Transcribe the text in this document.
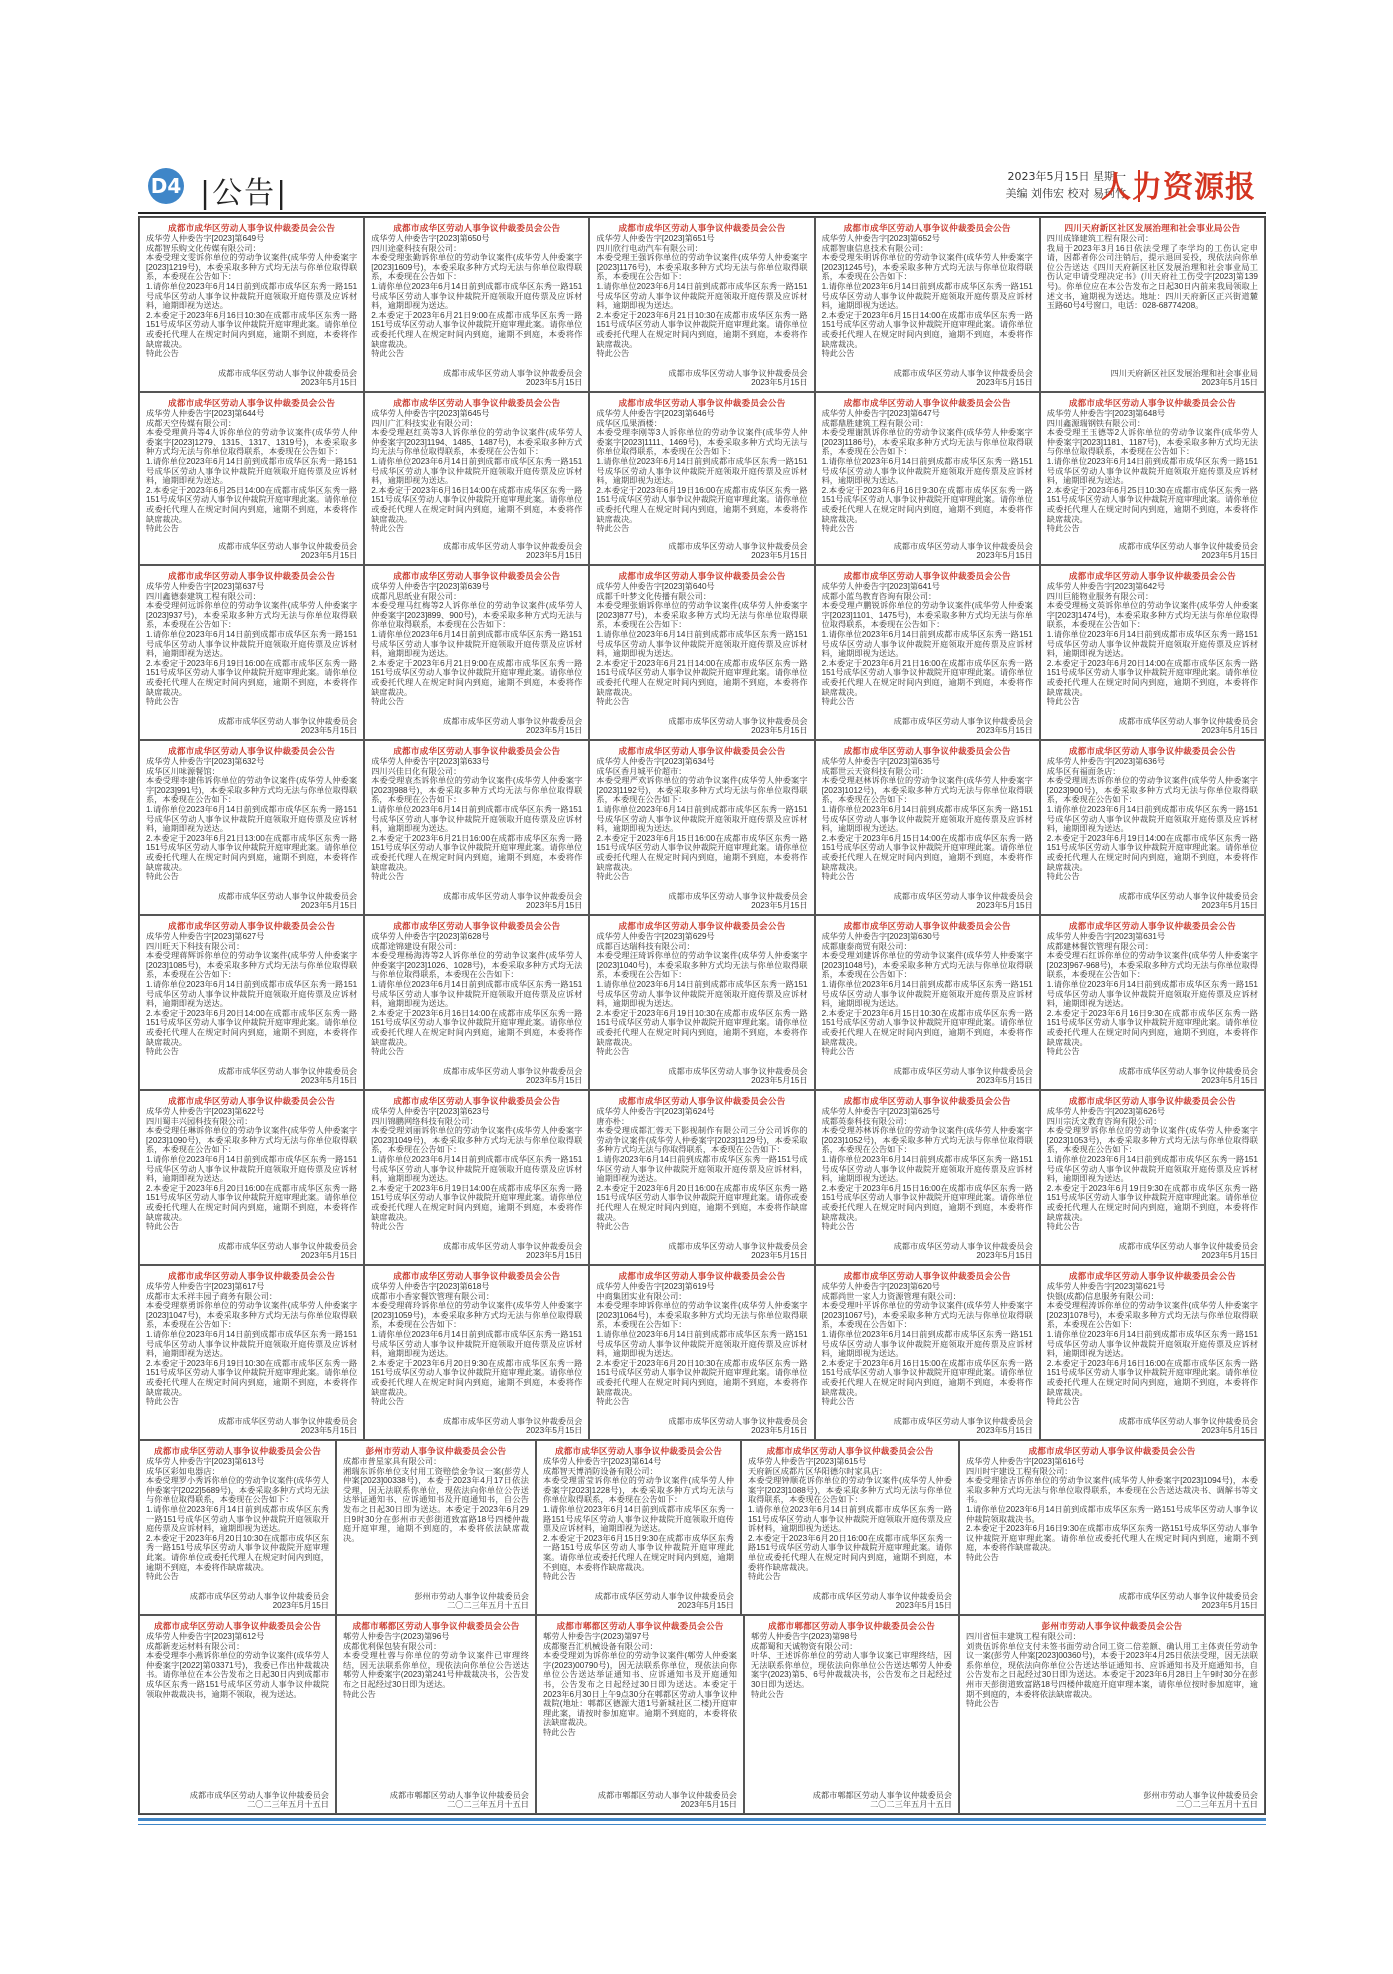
D4 |公告|	2023年5月15日 星期一
美编 刘伟宏 校对 易珂竹
人力资源报
成都市成华区劳动人事争议仲裁委员会公告
成华劳人仲委告字[2023]第649号
成都智乐购文化传媒有限公司：
本委受理文雯诉你单位的劳动争议案件(成华劳人仲委案字[2023]1219号)，本委采取多种方式均无法与你单位取得联系，本委现在公告如下：
1.请你单位2023年6月14日前到成都市成华区东秀一路151号成华区劳动人事争议仲裁院开庭领取开庭传票及应诉材料，逾期即视为送达。
2.本委定于2023年6月16日10:30在成都市成华区东秀一路151号成华区劳动人事争议仲裁院开庭审理此案。请你单位或委托代理人在规定时间内到庭，逾期不到庭，本委将作缺席裁决。
特此公告
成都市成华区劳动人事争议仲裁委员会
2023年5月15日
成都市成华区劳动人事争议仲裁委员会公告
成华劳人仲委告字[2023]第650号
四川途豪科技有限公司：
本委受理张勤诉你单位的劳动争议案件(成华劳人仲委案字[2023]1609号)，本委采取多种方式均无法与你单位取得联系，本委现在公告如下：
1.请你单位2023年6月14日前到成都市成华区东秀一路151号成华区劳动人事争议仲裁院开庭领取开庭传票及应诉材料，逾期即视为送达。
2.本委定于2023年6月21日9:00在成都市成华区东秀一路151号成华区劳动人事争议仲裁院开庭审理此案。请你单位或委托代理人在规定时间内到庭，逾期不到庭，本委将作缺席裁决。
特此公告
成都市成华区劳动人事争议仲裁委员会
2023年5月15日
成都市成华区劳动人事争议仲裁委员会公告
成华劳人仲委告字[2023]第651号
四川欣行电动汽车有限公司：
本委受理王强诉你单位的劳动争议案件(成华劳人仲委案字[2023]1176号)，本委采取多种方式均无法与你单位取得联系，本委现在公告如下：
1.请你单位2023年6月14日前到成都市成华区东秀一路151号成华区劳动人事争议仲裁院开庭领取开庭传票及应诉材料，逾期即视为送达。
2.本委定于2023年6月21日10:30在成都市成华区东秀一路151号成华区劳动人事争议仲裁院开庭审理此案。请你单位或委托代理人在规定时间内到庭，逾期不到庭，本委将作缺席裁决。
特此公告
成都市成华区劳动人事争议仲裁委员会
2023年5月15日
成都市成华区劳动人事争议仲裁委员会公告
成华劳人仲委告字[2023]第652号
成都智康信息技术有限公司：
本委受理朱明诉你单位的劳动争议案件(成华劳人仲委案字[2023]1245号)，本委采取多种方式均无法与你单位取得联系，本委现在公告如下：
1.请你单位2023年6月14日前到成都市成华区东秀一路151号成华区劳动人事争议仲裁院开庭领取开庭传票及应诉材料，逾期即视为送达。
2.本委定于2023年6月15日14:00在成都市成华区东秀一路151号成华区劳动人事争议仲裁院开庭审理此案。请你单位或委托代理人在规定时间内到庭，逾期不到庭，本委将作缺席裁决。
特此公告
成都市成华区劳动人事争议仲裁委员会
2023年5月15日
四川天府新区社区发展治理和社会事业局公告
四川成锋建筑工程有限公司：
我局于2023年3月16日依法受理了李学均的工伤认定申请，因都者你公司注销后，提示退回妥投，现依法向你单位公告送达《四川天府新区社区发展治理和社会事业局工伤认定申请受理决定书》(川天府社工伤受字[2023]第139号)。你单位应在本公告发布之日起30日内前来我局领取上述文书，逾期视为送达。地址：四川天府新区正兴街道麓玉路60号4号窗口，电话：028-68774208。
四川天府新区社区发展治理和社会事业局
2023年5月15日
成都市成华区劳动人事争议仲裁委员会公告
成华劳人仲委告字[2023]第644号
成都天空传媒有限公司：
本委受理黄丹等4人诉你单位的劳动争议案件(成华劳人仲委案字[2023]1279、1315、1317、1319号)，本委采取多种方式均无法与你单位取得联系，本委现在公告如下：
1.请你单位2023年6月14日前到成都市成华区东秀一路151号成华区劳动人事争议仲裁院开庭领取开庭传票及应诉材料，逾期即视为送达。
2.本委定于2023年6月25日14:00在成都市成华区东秀一路151号成华区劳动人事争议仲裁院开庭审理此案。请你单位或委托代理人在规定时间内到庭，逾期不到庭，本委将作缺席裁决。
特此公告
成都市成华区劳动人事争议仲裁委员会
2023年5月15日
成都市成华区劳动人事争议仲裁委员会公告
成华劳人仲委告字[2023]第645号
四川广汇科技实业有限公司：
本委受理赵红英等3人诉你单位的劳动争议案件(成华劳人仲委案字[2023]1194、1485、1487号)，本委采取多种方式均无法与你单位取得联系，本委现在公告如下：
1.请你单位2023年6月14日前到成都市成华区东秀一路151号成华区劳动人事争议仲裁院开庭领取开庭传票及应诉材料，逾期即视为送达。
2.本委定于2023年6月16日14:00在成都市成华区东秀一路151号成华区劳动人事争议仲裁院开庭审理此案。请你单位或委托代理人在规定时间内到庭，逾期不到庭，本委将作缺席裁决。
特此公告
成都市成华区劳动人事争议仲裁委员会
2023年5月15日
成都市成华区劳动人事争议仲裁委员会公告
成华劳人仲委告字[2023]第646号
成华区瓜果酒楼：
本委受理李刚等3人诉你单位的劳动争议案件(成华劳人仲委案字[2023]1111、1469号)，本委采取多种方式均无法与你单位取得联系，本委现在公告如下：
1.请你单位2023年6月14日前到成都市成华区东秀一路151号成华区劳动人事争议仲裁院开庭领取开庭传票及应诉材料，逾期即视为送达。
2.本委定于2023年6月19日16:00在成都市成华区东秀一路151号成华区劳动人事争议仲裁院开庭审理此案。请你单位或委托代理人在规定时间内到庭，逾期不到庭，本委将作缺席裁决。
特此公告
成都市成华区劳动人事争议仲裁委员会
2023年5月15日
成都市成华区劳动人事争议仲裁委员会公告
成华劳人仲委告字[2023]第647号
成都鼎胜建筑工程有限公司：
本委受理谢凯诉你单位的劳动争议案件(成华劳人仲委案字[2023]1186号)，本委采取多种方式均无法与你单位取得联系，本委现在公告如下：
1.请你单位2023年6月14日前到成都市成华区东秀一路151号成华区劳动人事争议仲裁院开庭领取开庭传票及应诉材料，逾期即视为送达。
2.本委定于2023年6月16日9:30在成都市成华区东秀一路151号成华区劳动人事争议仲裁院开庭审理此案。请你单位或委托代理人在规定时间内到庭，逾期不到庭，本委将作缺席裁决。
特此公告
成都市成华区劳动人事争议仲裁委员会
2023年5月15日
成都市成华区劳动人事争议仲裁委员会公告
成华劳人仲委告字[2023]第648号
四川鑫源瑞钢铁有限公司：
本委受理王玉德等2人诉你单位的劳动争议案件(成华劳人仲委案字[2023]1181、1187号)，本委采取多种方式均无法与你单位取得联系，本委现在公告如下：
1.请你单位2023年6月14日前到成都市成华区东秀一路151号成华区劳动人事争议仲裁院开庭领取开庭传票及应诉材料，逾期即视为送达。
2.本委定于2023年6月25日10:30在成都市成华区东秀一路151号成华区劳动人事争议仲裁院开庭审理此案。请你单位或委托代理人在规定时间内到庭，逾期不到庭，本委将作缺席裁决。
特此公告
成都市成华区劳动人事争议仲裁委员会
2023年5月15日
成都市成华区劳动人事争议仲裁委员会公告
成华劳人仲委告字[2023]第637号
四川鑫德泰建筑工程有限公司：
本委受理何远诉你单位的劳动争议案件(成华劳人仲委案字[2023]937号)，本委采取多种方式均无法与你单位取得联系，本委现在公告如下：
1.请你单位2023年6月14日前到成都市成华区东秀一路151号成华区劳动人事争议仲裁院开庭领取开庭传票及应诉材料，逾期即视为送达。
2.本委定于2023年6月19日16:00在成都市成华区东秀一路151号成华区劳动人事争议仲裁院开庭审理此案。请你单位或委托代理人在规定时间内到庭，逾期不到庭，本委将作缺席裁决。
特此公告
成都市成华区劳动人事争议仲裁委员会
2023年5月15日
成都市成华区劳动人事争议仲裁委员会公告
成华劳人仲委告字[2023]第639号
成都凡思纸业有限公司：
本委受理马红梅等2人诉你单位的劳动争议案件(成华劳人仲委案字[2023]899、900号)，本委采取多种方式均无法与你单位取得联系，本委现在公告如下：
1.请你单位2023年6月14日前到成都市成华区东秀一路151号成华区劳动人事争议仲裁院开庭领取开庭传票及应诉材料，逾期即视为送达。
2.本委定于2023年6月21日9:00在成都市成华区东秀一路151号成华区劳动人事争议仲裁院开庭审理此案。请你单位或委托代理人在规定时间内到庭，逾期不到庭，本委将作缺席裁决。
特此公告
成都市成华区劳动人事争议仲裁委员会
2023年5月15日
成都市成华区劳动人事争议仲裁委员会公告
成华劳人仲委告字[2023]第640号
成都千叶梦文化传播有限公司：
本委受理张娟诉你单位的劳动争议案件(成华劳人仲委案字[2023]877号)，本委采取多种方式均无法与你单位取得联系，本委现在公告如下：
1.请你单位2023年6月14日前到成都市成华区东秀一路151号成华区劳动人事争议仲裁院开庭领取开庭传票及应诉材料，逾期即视为送达。
2.本委定于2023年6月21日14:00在成都市成华区东秀一路151号成华区劳动人事争议仲裁院开庭审理此案。请你单位或委托代理人在规定时间内到庭，逾期不到庭，本委将作缺席裁决。
特此公告
成都市成华区劳动人事争议仲裁委员会
2023年5月15日
成都市成华区劳动人事争议仲裁委员会公告
成华劳人仲委告字[2023]第641号
成都小蓝鸟教育咨询有限公司：
本委受理卢鹏锐诉你单位的劳动争议案件(成华劳人仲委案字[2023]1101、1475号)，本委采取多种方式均无法与你单位取得联系，本委现在公告如下：
1.请你单位2023年6月14日前到成都市成华区东秀一路151号成华区劳动人事争议仲裁院开庭领取开庭传票及应诉材料，逾期即视为送达。
2.本委定于2023年6月21日16:00在成都市成华区东秀一路151号成华区劳动人事争议仲裁院开庭审理此案。请你单位或委托代理人在规定时间内到庭，逾期不到庭，本委将作缺席裁决。
特此公告
成都市成华区劳动人事争议仲裁委员会
2023年5月15日
成都市成华区劳动人事争议仲裁委员会公告
成华劳人仲委告字[2023]第642号
四川巨能物业服务有限公司：
本委受理杨文英诉你单位的劳动争议案件(成华劳人仲委案字[2023]1474号)，本委采取多种方式均无法与你单位取得联系，本委现在公告如下：
1.请你单位2023年6月14日前到成都市成华区东秀一路151号成华区劳动人事争议仲裁院开庭领取开庭传票及应诉材料，逾期即视为送达。
2.本委定于2023年6月20日14:00在成都市成华区东秀一路151号成华区劳动人事争议仲裁院开庭审理此案。请你单位或委托代理人在规定时间内到庭，逾期不到庭，本委将作缺席裁决。
特此公告
成都市成华区劳动人事争议仲裁委员会
2023年5月15日
成都市成华区劳动人事争议仲裁委员会公告
成华劳人仲委告字[2023]第632号
成华区川味源餐馆：
本委受理李建伟诉你单位的劳动争议案件(成华劳人仲委案字[2023]991号)，本委采取多种方式均无法与你单位取得联系，本委现在公告如下：
1.请你单位2023年6月14日前到成都市成华区东秀一路151号成华区劳动人事争议仲裁院开庭领取开庭传票及应诉材料，逾期即视为送达。
2.本委定于2023年6月21日13:00在成都市成华区东秀一路151号成华区劳动人事争议仲裁院开庭审理此案。请你单位或委托代理人在规定时间内到庭，逾期不到庭，本委将作缺席裁决。
特此公告
成都市成华区劳动人事争议仲裁委员会
2023年5月15日
成都市成华区劳动人事争议仲裁委员会公告
成华劳人仲委告字[2023]第633号
四川兴佳日化有限公司：
本委受理袁杰诉你单位的劳动争议案件(成华劳人仲委案字[2023]988号)，本委采取多种方式均无法与你单位取得联系，本委现在公告如下：
1.请你单位2023年6月14日前到成都市成华区东秀一路151号成华区劳动人事争议仲裁院开庭领取开庭传票及应诉材料，逾期即视为送达。
2.本委定于2023年6月21日16:00在成都市成华区东秀一路151号成华区劳动人事争议仲裁院开庭审理此案。请你单位或委托代理人在规定时间内到庭，逾期不到庭，本委将作缺席裁决。
特此公告
成都市成华区劳动人事争议仲裁委员会
2023年5月15日
成都市成华区劳动人事争议仲裁委员会公告
成华劳人仲委告字[2023]第634号
成华区香月城平价超市：
本委受理严欢诉你单位的劳动争议案件(成华劳人仲委案字[2023]1192号)，本委采取多种方式均无法与你单位取得联系，本委现在公告如下：
1.请你单位2023年6月14日前到成都市成华区东秀一路151号成华区劳动人事争议仲裁院开庭领取开庭传票及应诉材料，逾期即视为送达。
2.本委定于2023年6月15日16:00在成都市成华区东秀一路151号成华区劳动人事争议仲裁院开庭审理此案。请你单位或委托代理人在规定时间内到庭，逾期不到庭，本委将作缺席裁决。
特此公告
成都市成华区劳动人事争议仲裁委员会
2023年5月15日
成都市成华区劳动人事争议仲裁委员会公告
成华劳人仲委告字[2023]第635号
成都世云天资科技有限公司：
本委受理赵林诉你单位的劳动争议案件(成华劳人仲委案字[2023]1012号)，本委采取多种方式均无法与你单位取得联系，本委现在公告如下：
1.请你单位2023年6月14日前到成都市成华区东秀一路151号成华区劳动人事争议仲裁院开庭领取开庭传票及应诉材料，逾期即视为送达。
2.本委定于2023年6月15日14:00在成都市成华区东秀一路151号成华区劳动人事争议仲裁院开庭审理此案。请你单位或委托代理人在规定时间内到庭，逾期不到庭，本委将作缺席裁决。
特此公告
成都市成华区劳动人事争议仲裁委员会
2023年5月15日
成都市成华区劳动人事争议仲裁委员会公告
成华劳人仲委告字[2023]第636号
成华区有福面条店：
本委受理周杰诉你单位的劳动争议案件(成华劳人仲委案字[2023]900号)，本委采取多种方式均无法与你单位取得联系，本委现在公告如下：
1.请你单位2023年6月14日前到成都市成华区东秀一路151号成华区劳动人事争议仲裁院开庭领取开庭传票及应诉材料，逾期即视为送达。
2.本委定于2023年6月19日14:00在成都市成华区东秀一路151号成华区劳动人事争议仲裁院开庭审理此案。请你单位或委托代理人在规定时间内到庭，逾期不到庭，本委将作缺席裁决。
特此公告
成都市成华区劳动人事争议仲裁委员会
2023年5月15日
成都市成华区劳动人事争议仲裁委员会公告
成华劳人仲委告字[2023]第627号
四川旺天下科技有限公司：
本委受理蒋辉诉你单位的劳动争议案件(成华劳人仲委案字[2023]1085号)，本委采取多种方式均无法与你单位取得联系，本委现在公告如下：
1.请你单位2023年6月14日前到成都市成华区东秀一路151号成华区劳动人事争议仲裁院开庭领取开庭传票及应诉材料，逾期即视为送达。
2.本委定于2023年6月20日14:00在成都市成华区东秀一路151号成华区劳动人事争议仲裁院开庭审理此案。请你单位或委托代理人在规定时间内到庭，逾期不到庭，本委将作缺席裁决。
特此公告
成都市成华区劳动人事争议仲裁委员会
2023年5月15日
成都市成华区劳动人事争议仲裁委员会公告
成华劳人仲委告字[2023]第628号
成都途锦建设有限公司：
本委受理杨海涛等2人诉你单位的劳动争议案件(成华劳人仲委案字[2023]1026、1028号)，本委采取多种方式均无法与你单位取得联系，本委现在公告如下：
1.请你单位2023年6月14日前到成都市成华区东秀一路151号成华区劳动人事争议仲裁院开庭领取开庭传票及应诉材料，逾期即视为送达。
2.本委定于2023年6月16日14:00在成都市成华区东秀一路151号成华区劳动人事争议仲裁院开庭审理此案。请你单位或委托代理人在规定时间内到庭，逾期不到庭，本委将作缺席裁决。
特此公告
成都市成华区劳动人事争议仲裁委员会
2023年5月15日
成都市成华区劳动人事争议仲裁委员会公告
成华劳人仲委告字[2023]第629号
成都百达瑞科技有限公司：
本委受理汪琦诉你单位的劳动争议案件(成华劳人仲委案字[2023]1040号)，本委采取多种方式均无法与你单位取得联系，本委现在公告如下：
1.请你单位2023年6月14日前到成都市成华区东秀一路151号成华区劳动人事争议仲裁院开庭领取开庭传票及应诉材料，逾期即视为送达。
2.本委定于2023年6月19日10:30在成都市成华区东秀一路151号成华区劳动人事争议仲裁院开庭审理此案。请你单位或委托代理人在规定时间内到庭，逾期不到庭，本委将作缺席裁决。
特此公告
成都市成华区劳动人事争议仲裁委员会
2023年5月15日
成都市成华区劳动人事争议仲裁委员会公告
成华劳人仲委告字[2023]第630号
成都康泰商贸有限公司：
本委受理刘建诉你单位的劳动争议案件(成华劳人仲委案字[2023]1048号)，本委采取多种方式均无法与你单位取得联系，本委现在公告如下：
1.请你单位2023年6月14日前到成都市成华区东秀一路151号成华区劳动人事争议仲裁院开庭领取开庭传票及应诉材料，逾期即视为送达。
2.本委定于2023年6月15日10:30在成都市成华区东秀一路151号成华区劳动人事争议仲裁院开庭审理此案。请你单位或委托代理人在规定时间内到庭，逾期不到庭，本委将作缺席裁决。
特此公告
成都市成华区劳动人事争议仲裁委员会
2023年5月15日
成都市成华区劳动人事争议仲裁委员会公告
成华劳人仲委告字[2023]第631号
成都建林餐饮管理有限公司：
本委受理石红诉你单位的劳动争议案件(成华劳人仲委案字[2023]967-968号)，本委采取多种方式均无法与你单位取得联系，本委现在公告如下：
1.请你单位2023年6月14日前到成都市成华区东秀一路151号成华区劳动人事争议仲裁院开庭领取开庭传票及应诉材料，逾期即视为送达。
2.本委定于2023年6月16日9:30在成都市成华区东秀一路151号成华区劳动人事争议仲裁院开庭审理此案。请你单位或委托代理人在规定时间内到庭，逾期不到庭，本委将作缺席裁决。
特此公告
成都市成华区劳动人事争议仲裁委员会
2023年5月15日
成都市成华区劳动人事争议仲裁委员会公告
成华劳人仲委告字[2023]第622号
四川蜀丰兴园科技有限公司：
本委受理任琳诉你单位的劳动争议案件(成华劳人仲委案字[2023]1090号)，本委采取多种方式均无法与你单位取得联系，本委现在公告如下：
1.请你单位2023年6月14日前到成都市成华区东秀一路151号成华区劳动人事争议仲裁院开庭领取开庭传票及应诉材料，逾期即视为送达。
2.本委定于2023年6月20日16:00在成都市成华区东秀一路151号成华区劳动人事争议仲裁院开庭审理此案。请你单位或委托代理人在规定时间内到庭，逾期不到庭，本委将作缺席裁决。
特此公告
成都市成华区劳动人事争议仲裁委员会
2023年5月15日
成都市成华区劳动人事争议仲裁委员会公告
成华劳人仲委告字[2023]第623号
四川锦鹏网络科技有限公司：
本委受理刘丽诉你单位的劳动争议案件(成华劳人仲委案字[2023]1049号)，本委采取多种方式均无法与你单位取得联系，本委现在公告如下：
1.请你单位2023年6月14日前到成都市成华区东秀一路151号成华区劳动人事争议仲裁院开庭领取开庭传票及应诉材料，逾期即视为送达。
2.本委定于2023年6月19日14:00在成都市成华区东秀一路151号成华区劳动人事争议仲裁院开庭审理此案。请你单位或委托代理人在规定时间内到庭，逾期不到庭，本委将作缺席裁决。
特此公告
成都市成华区劳动人事争议仲裁委员会
2023年5月15日
成都市成华区劳动人事争议仲裁委员会公告
成华劳人仲委告字[2023]第624号
唐亦朴：
本委受理成都汇蓉天下影视制作有限公司三分公司诉你的劳动争议案件(成华劳人仲委案字[2023]1129号)，本委采取多种方式均无法与你取得联系，本委现在公告如下：
1.请你2023年6月14日前到成都市成华区东秀一路151号成华区劳动人事争议仲裁院开庭领取开庭传票及应诉材料，逾期即视为送达。
2.本委定于2023年6月20日16:00在成都市成华区东秀一路151号成华区劳动人事争议仲裁院开庭审理此案。请你或委托代理人在规定时间内到庭，逾期不到庭，本委将作缺席裁决。
特此公告
成都市成华区劳动人事争议仲裁委员会
2023年5月15日
成都市成华区劳动人事争议仲裁委员会公告
成华劳人仲委告字[2023]第625号
成都英泰科技有限公司：
本委受理苏林诉你单位的劳动争议案件(成华劳人仲委案字[2023]1052号)，本委采取多种方式均无法与你单位取得联系，本委现在公告如下：
1.请你单位2023年6月14日前到成都市成华区东秀一路151号成华区劳动人事争议仲裁院开庭领取开庭传票及应诉材料，逾期即视为送达。
2.本委定于2023年6月15日16:00在成都市成华区东秀一路151号成华区劳动人事争议仲裁院开庭审理此案。请你单位或委托代理人在规定时间内到庭，逾期不到庭，本委将作缺席裁决。
特此公告
成都市成华区劳动人事争议仲裁委员会
2023年5月15日
成都市成华区劳动人事争议仲裁委员会公告
成华劳人仲委告字[2023]第626号
四川宗沃文教育咨询有限公司：
本委受理罗诉你单位的劳动争议案件(成华劳人仲委案字[2023]1053号)，本委采取多种方式均无法与你单位取得联系，本委现在公告如下：
1.请你单位2023年6月14日前到成都市成华区东秀一路151号成华区劳动人事争议仲裁院开庭领取开庭传票及应诉材料，逾期即视为送达。
2.本委定于2023年6月19日9:30在成都市成华区东秀一路151号成华区劳动人事争议仲裁院开庭审理此案。请你单位或委托代理人在规定时间内到庭，逾期不到庭，本委将作缺席裁决。
特此公告
成都市成华区劳动人事争议仲裁委员会
2023年5月15日
成都市成华区劳动人事争议仲裁委员会公告
成华劳人仲委告字[2023]第617号
成都市太禾祥丰园子商务有限公司：
本委受理蔡勇诉你单位的劳动争议案件(成华劳人仲委案字[2023]1047号)，本委采取多种方式均无法与你单位取得联系，本委现在公告如下：
1.请你单位2023年6月14日前到成都市成华区东秀一路151号成华区劳动人事争议仲裁院开庭领取开庭传票及应诉材料，逾期即视为送达。
2.本委定于2023年6月19日10:30在成都市成华区东秀一路151号成华区劳动人事争议仲裁院开庭审理此案。请你单位或委托代理人在规定时间内到庭，逾期不到庭，本委将作缺席裁决。
特此公告
成都市成华区劳动人事争议仲裁委员会
2023年5月15日
成都市成华区劳动人事争议仲裁委员会公告
成华劳人仲委告字[2023]第618号
成都市小香家餐饮管理有限公司：
本委受理蒋玲诉你单位的劳动争议案件(成华劳人仲委案字[2023]1059号)，本委采取多种方式均无法与你单位取得联系，本委现在公告如下：
1.请你单位2023年6月14日前到成都市成华区东秀一路151号成华区劳动人事争议仲裁院开庭领取开庭传票及应诉材料，逾期即视为送达。
2.本委定于2023年6月20日9:30在成都市成华区东秀一路151号成华区劳动人事争议仲裁院开庭审理此案。请你单位或委托代理人在规定时间内到庭，逾期不到庭，本委将作缺席裁决。
特此公告
成都市成华区劳动人事争议仲裁委员会
2023年5月15日
成都市成华区劳动人事争议仲裁委员会公告
成华劳人仲委告字[2023]第619号
中商集团实业有限公司：
本委受理李坤诉你单位的劳动争议案件(成华劳人仲委案字[2023]1064号)，本委采取多种方式均无法与你单位取得联系，本委现在公告如下：
1.请你单位2023年6月14日前到成都市成华区东秀一路151号成华区劳动人事争议仲裁院开庭领取开庭传票及应诉材料，逾期即视为送达。
2.本委定于2023年6月20日10:30在成都市成华区东秀一路151号成华区劳动人事争议仲裁院开庭审理此案。请你单位或委托代理人在规定时间内到庭，逾期不到庭，本委将作缺席裁决。
特此公告
成都市成华区劳动人事争议仲裁委员会
2023年5月15日
成都市成华区劳动人事争议仲裁委员会公告
成华劳人仲委告字[2023]第620号
成都尚世一家人力资源管理有限公司：
本委受理叶平诉你单位的劳动争议案件(成华劳人仲委案字[2023]1067号)，本委采取多种方式均无法与你单位取得联系，本委现在公告如下：
1.请你单位2023年6月14日前到成都市成华区东秀一路151号成华区劳动人事争议仲裁院开庭领取开庭传票及应诉材料，逾期即视为送达。
2.本委定于2023年6月16日15:00在成都市成华区东秀一路151号成华区劳动人事争议仲裁院开庭审理此案。请你单位或委托代理人在规定时间内到庭，逾期不到庭，本委将作缺席裁决。
特此公告
成都市成华区劳动人事争议仲裁委员会
2023年5月15日
成都市成华区劳动人事争议仲裁委员会公告
成华劳人仲委告字[2023]第621号
快银(成都)信息服务有限公司：
本委受理程涛诉你单位的劳动争议案件(成华劳人仲委案字[2023]1078号)，本委采取多种方式均无法与你单位取得联系，本委现在公告如下：
1.请你单位2023年6月14日前到成都市成华区东秀一路151号成华区劳动人事争议仲裁院开庭领取开庭传票及应诉材料，逾期即视为送达。
2.本委定于2023年6月16日16:00在成都市成华区东秀一路151号成华区劳动人事争议仲裁院开庭审理此案。请你单位或委托代理人在规定时间内到庭，逾期不到庭，本委将作缺席裁决。
特此公告
成都市成华区劳动人事争议仲裁委员会
2023年5月15日
成都市成华区劳动人事争议仲裁委员会公告
成华劳人仲委告字[2023]第613号
成华区彩如电器店：
本委受理罗小秀诉你单位的劳动争议案件(成华劳人仲委案字[2022]5689号)，本委采取多种方式均无法与你单位取得联系，本委现在公告如下：
1.请你单位2023年6月14日前到成都市成华区东秀一路151号成华区劳动人事争议仲裁院开庭领取开庭传票及应诉材料，逾期即视为送达。
2.本委定于2023年6月20日10:30在成都市成华区东秀一路151号成华区劳动人事争议仲裁院开庭审理此案。请你单位或委托代理人在规定时间内到庭，逾期不到庭，本委将作缺席裁决。
特此公告
成都市成华区劳动人事争议仲裁委员会
2023年5月15日
彭州市劳动人事争议仲裁委员会公告
成都市普星家具有限公司：
湘瑞东诉你单位支付用工资赔偿金争议一案(彭劳人仲案[2023]00338号)，本委于2023年4月17日依法受理，因无法联系你单位，现依法向你单位公告送达举证通知书、应诉通知书及开庭通知书，自公告发布之日起30日即为送达。本委定于2023年6月29日9时30分在彭州市天彭街道致富路18号四楼仲裁庭开庭审理，逾期不到庭的，本委将依法缺席裁决。
彭州市劳动人事争议仲裁委员会
二〇二三年五月十五日
成都市成华区劳动人事争议仲裁委员会公告
成华劳人仲委告字[2023]第614号
成都智天博消防设备有限公司：
本委受理雷莹诉你单位的劳动争议案件(成华劳人仲委案字[2023]1228号)，本委采取多种方式均无法与你单位取得联系，本委现在公告如下：
1.请你单位2023年6月14日前到成都市成华区东秀一路151号成华区劳动人事争议仲裁院开庭领取开庭传票及应诉材料，逾期即视为送达。
2.本委定于2023年6月15日9:30在成都市成华区东秀一路151号成华区劳动人事争议仲裁院开庭审理此案。请你单位或委托代理人在规定时间内到庭，逾期不到庭，本委将作缺席裁决。
特此公告
成都市成华区劳动人事争议仲裁委员会
2023年5月15日
成都市成华区劳动人事争议仲裁委员会公告
成华劳人仲委告字[2023]第615号
天府新区成都片区华阳德尔时家具店：
本委受理钟顺花诉你单位的劳动争议案件(成华劳人仲委案字[2023]1088号)，本委采取多种方式均无法与你单位取得联系，本委现在公告如下：
1.请你单位2023年6月14日前到成都市成华区东秀一路151号成华区劳动人事争议仲裁院开庭领取开庭传票及应诉材料，逾期即视为送达。
2.本委定于2023年6月20日16:00在成都市成华区东秀一路151号成华区劳动人事争议仲裁院开庭审理此案。请你单位或委托代理人在规定时间内到庭，逾期不到庭，本委将作缺席裁决。
特此公告
成都市成华区劳动人事争议仲裁委员会
2023年5月15日
成都市成华区劳动人事争议仲裁委员会公告
成华劳人仲委告字[2023]第616号
四川时宇建设工程有限公司：
本委受理徐吉诉你单位的劳动争议案件(成华劳人仲委案字[2023]1094号)，本委采取多种方式均无法与你单位取得联系，本委现在公告送达裁决书、调解书等文书。
1.请你单位2023年6月14日前到成都市成华区东秀一路151号成华区劳动人事争议仲裁院领取裁决书。
2.本委定于2023年6月16日9:30在成都市成华区东秀一路151号成华区劳动人事争议仲裁院开庭审理此案。请你单位或委托代理人在规定时间内到庭，逾期不到庭，本委将作缺席裁决。
特此公告
成都市成华区劳动人事争议仲裁委员会
2023年5月15日
成都市成华区劳动人事争议仲裁委员会公告
成华劳人仲委告字[2023]第612号
成都新麦运材料有限公司：
本委受理李小燕诉你单位的劳动争议案件(成华劳人仲委案字[2022]第03371号)，我委已作出仲裁裁决书。请你单位在本公告发布之日起30日内到成都市成华区东秀一路151号成华区劳动人事争议仲裁院领取仲裁裁决书，逾期不领取，视为送达。
成都市成华区劳动人事争议仲裁委员会
二〇二三年五月十五日
成都市郫都区劳动人事争议仲裁委员会公告
郫劳人仲委告字(2023)第96号
成都优利保包装有限公司：
本委受理杜蓉与你单位的劳动争议案件已审理终结，因无法联系你单位，现依法向你单位公告送达郫劳人仲委案字(2023)第241号仲裁裁决书，公告发布之日起经过30日即为送达。
特此公告
成都市郫都区劳动人事争议仲裁委员会
二〇二三年五月十五日
成都市郫都区劳动人事争议仲裁委员会公告
郫劳人仲委告字(2023)第97号
成都聚吾汇机械设备有限公司：
本委受理刘为诉你单位的劳动争议案件(郫劳人仲委案字(2023)00790号)，因无法联系你单位，现依法向你单位公告送达举证通知书、应诉通知书及开庭通知书，公告发布之日起经过30日即为送达。本委定于2023年6月30日上午9点30分在郫都区劳动人事争议仲裁院(地址：郫都区德源大道1号新城社区二楼)开庭审理此案，请按时参加庭审。逾期不到庭的，本委将依法缺席裁决。
特此公告
成都市郫都区劳动人事争议仲裁委员会
2023年5月15日
成都市郫都区劳动人事争议仲裁委员会公告
郫劳人仲委告字(2023)第98号
成都蜀和天诚物资有限公司：
叶华、王述诉你单位的劳动人事争议案已审理终结，因无法联系你单位，现依法向你单位公告送达郫劳人仲委案字(2023)第5、6号仲裁裁决书，公告发布之日起经过30日即为送达。
特此公告
成都市郫都区劳动人事争议仲裁委员会
二〇二三年五月十五日
彭州市劳动人事争议仲裁委员会公告
四川省恒丰建筑工程有限公司：
刘贵伍诉你单位支付未签书面劳动合同工资二倍差额、确认用工主体责任劳动争议一案(彭劳人仲案[2023]00360号)，本委于2023年4月25日依法受理，因无法联系你单位，现依法向你单位公告送达举证通知书、应诉通知书及开庭通知书，自公告发布之日起经过30日即为送达。本委定于2023年6月28日上午9时30分在彭州市天彭街道致富路18号四楼仲裁庭开庭审理本案，请你单位按时参加庭审，逾期不到庭的，本委将依法缺席裁决。
特此公告
彭州市劳动人事争议仲裁委员会
二〇二三年五月十五日
